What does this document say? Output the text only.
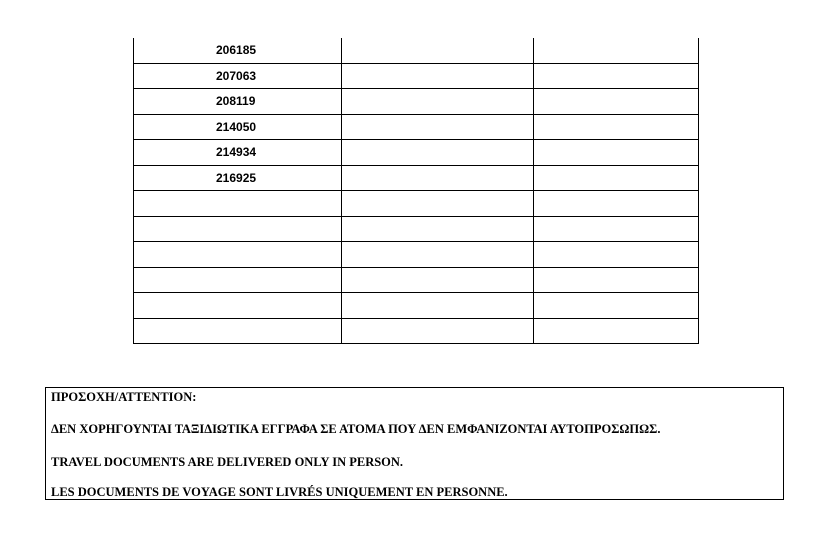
206185		
207063		
208119		
214050		
214934		
216925		

ΠΡΟΣΟΧΗ/ATTENTION:
ΔΕΝ ΧΟΡΗΓΟΥΝΤΑΙ ΤΑΞΙΔΙΩΤΙΚΑ ΕΓΓΡΑΦΑ ΣΕ ΑΤΟΜΑ ΠΟΥ ΔΕΝ ΕΜΦΑΝΙΖΟΝΤΑΙ ΑΥΤΟΠΡΟΣΩΠΩΣ.
TRAVEL DOCUMENTS ARE DELIVERED ONLY IN PERSON.
LES DOCUMENTS DE VOYAGE SONT LIVRÉS UNIQUEMENT EN PERSONNE.
